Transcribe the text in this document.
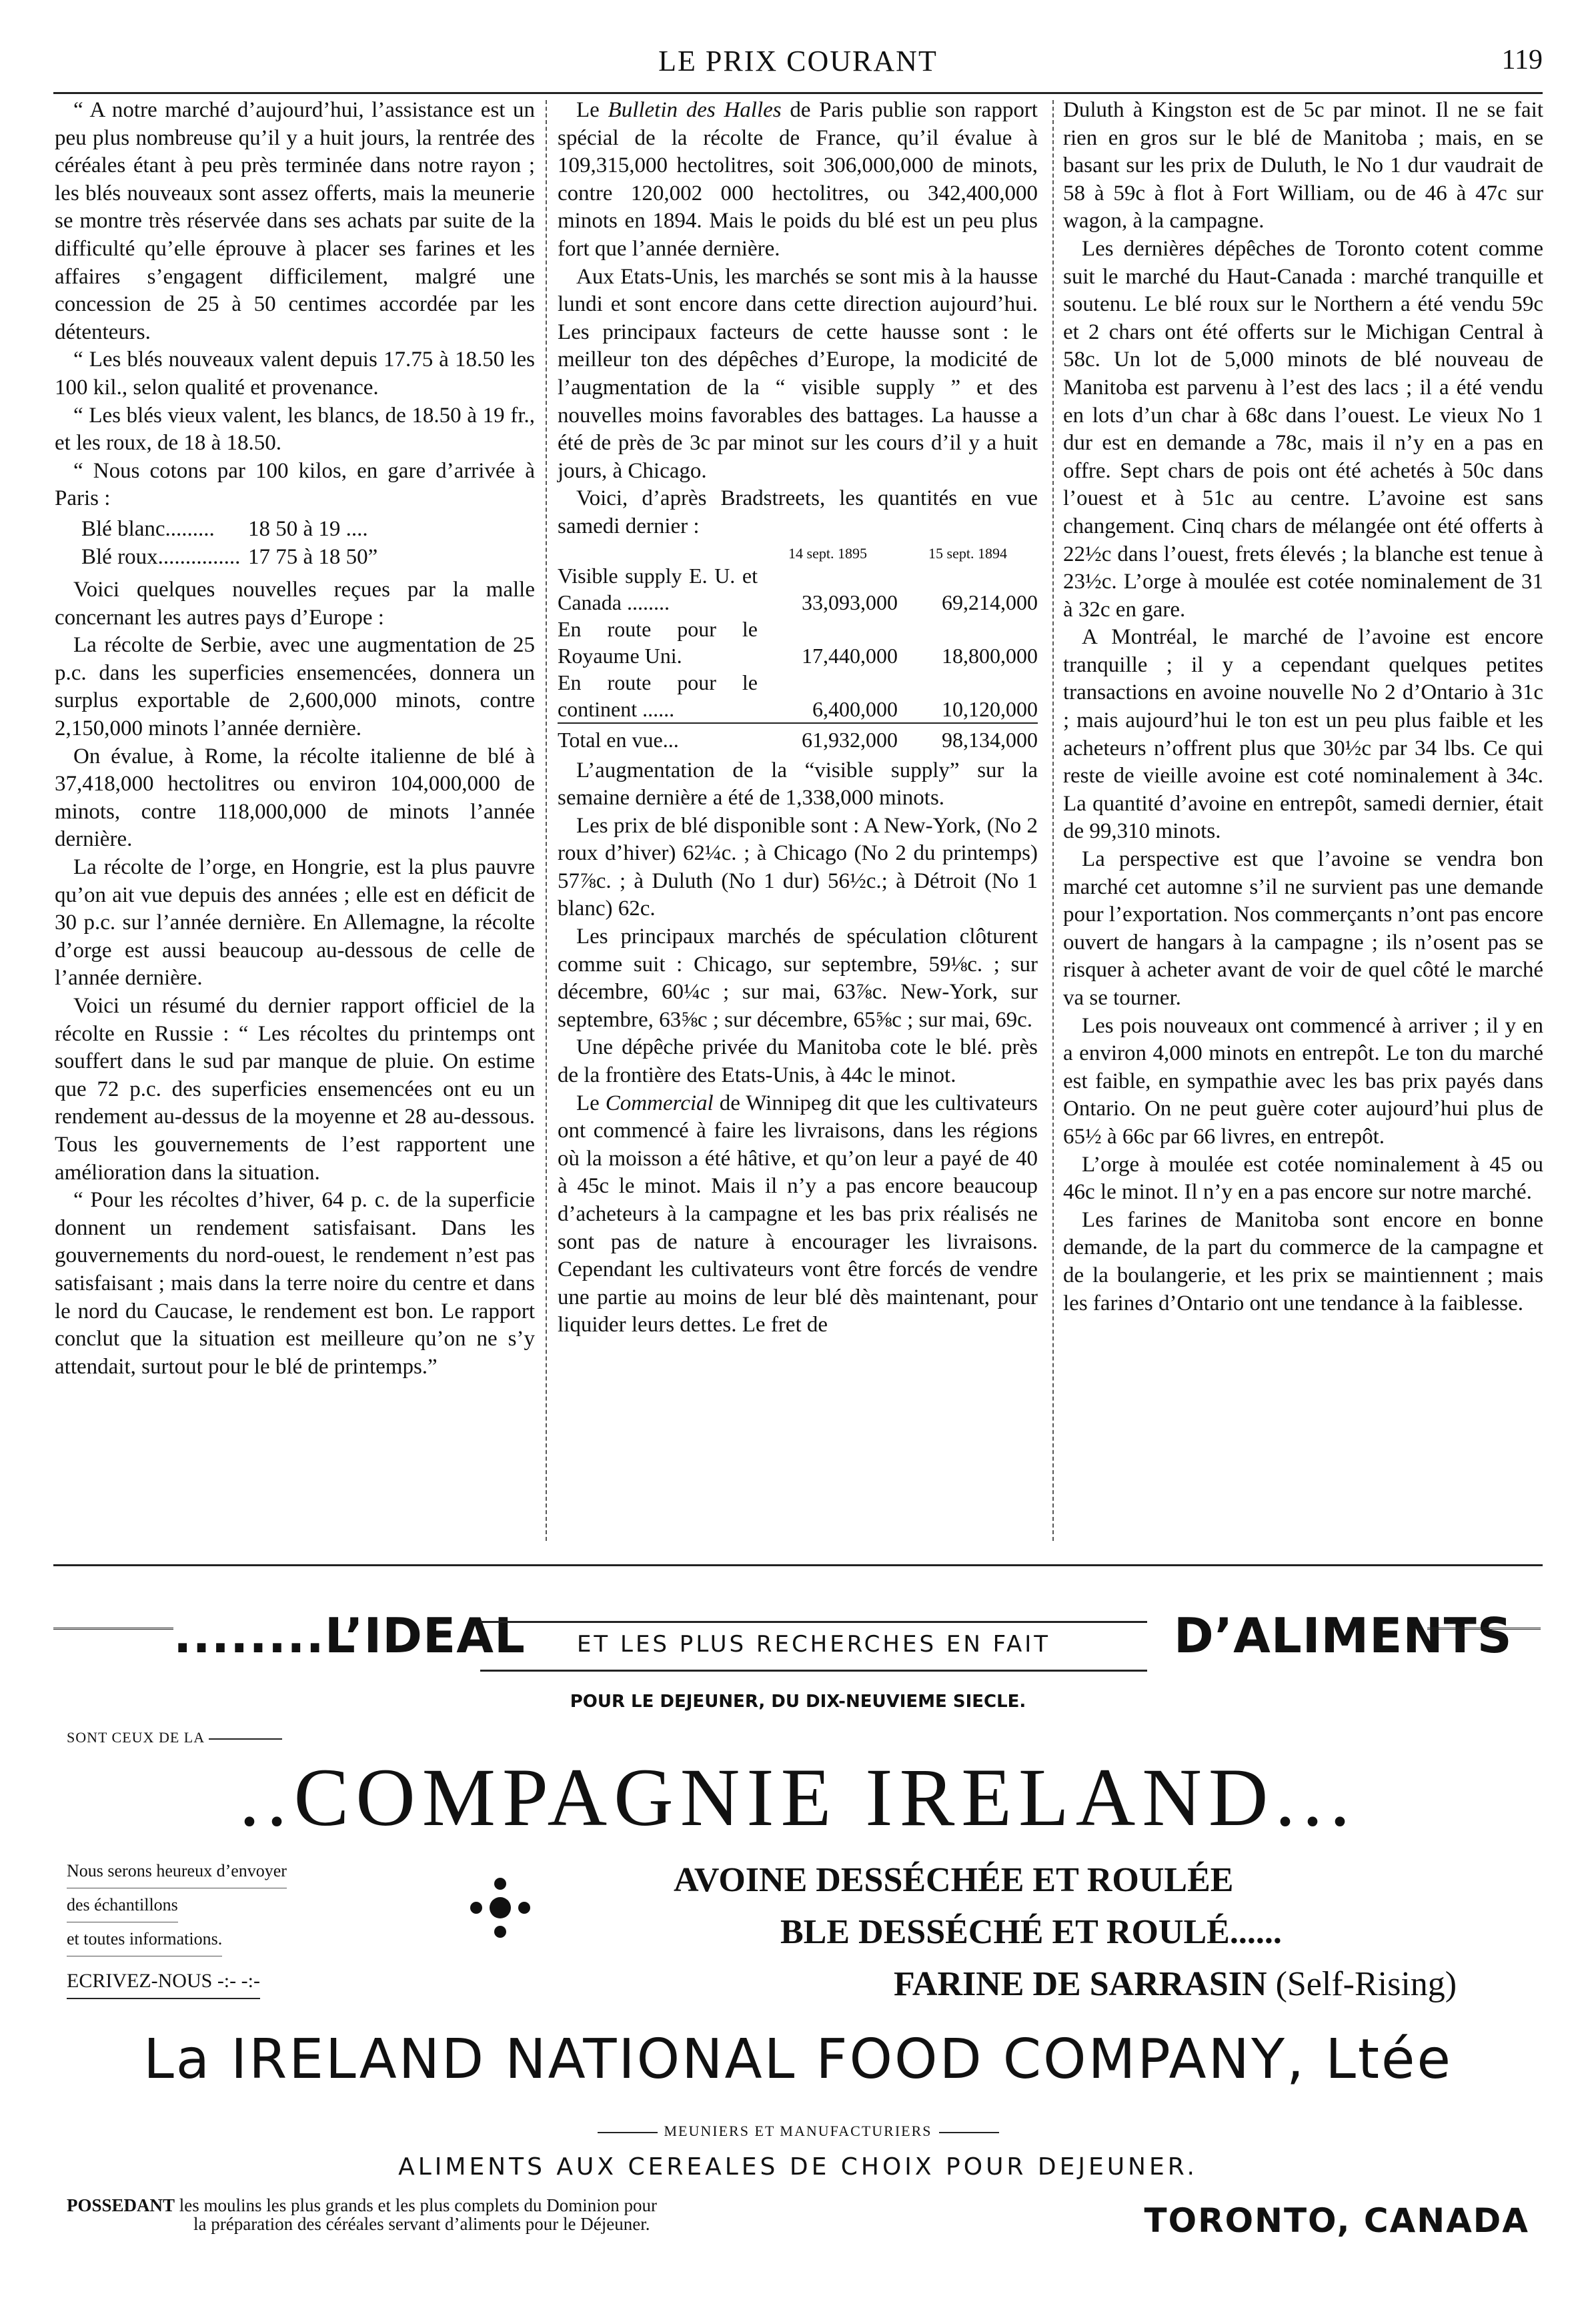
LE PRIX COURANT	119

“ A notre marché d’aujourd’hui, l’assistance est un peu plus nombreuse qu’il y a huit jours, la rentrée des céréales étant à peu près terminée dans notre rayon ; les blés nouveaux sont assez offerts, mais la meunerie se montre très réservée dans ses achats par suite de la difficulté qu’elle éprouve à placer ses farines et les affaires s’engagent difficilement, malgré une concession de 25 à 50 centimes accordée par les détenteurs.

“ Les blés nouveaux valent depuis 17.75 à 18.50 les 100 kil., selon qualité et provenance.

“ Les blés vieux valent, les blancs, de 18.50 à 19 fr., et les roux, de 18 à 18.50.

“ Nous cotons par 100 kilos, en gare d’arrivée à Paris :

Blé blanc.........	18 50 à 19 ....
Blé roux............... 17 75 à 18 50”

Voici quelques nouvelles reçues par la malle concernant les autres pays d’Europe :

La récolte de Serbie, avec une augmentation de 25 p.c. dans les superficies ensemencées, donnera un surplus exportable de 2,600,000 minots, contre 2,150,000 minots l’année dernière.

On évalue, à Rome, la récolte italienne de blé à 37,418,000 hectolitres ou environ 104,000,000 de minots, contre 118,000,000 de minots l’année dernière.

La récolte de l’orge, en Hongrie, est la plus pauvre qu’on ait vue depuis des années ; elle est en déficit de 30 p.c. sur l’année dernière. En Allemagne, la récolte d’orge est aussi beaucoup au-dessous de celle de l’année dernière.

Voici un résumé du dernier rapport officiel de la récolte en Russie : “ Les récoltes du printemps ont souffert dans le sud par manque de pluie. On estime que 72 p.c. des superficies ensemencées ont eu un rendement au-dessus de la moyenne et 28 au-dessous. Tous les gouvernements de l’est rapportent une amélioration dans la situation.

“ Pour les récoltes d’hiver, 64 p. c. de la superficie donnent un rendement satisfaisant. Dans les gouvernements du nord-ouest, le rendement n’est pas satisfaisant ; mais dans la terre noire du centre et dans le nord du Caucase, le rendement est bon. Le rapport conclut que la situation est meilleure qu’on ne s’y attendait, surtout pour le blé de printemps.”

Le Bulletin des Halles de Paris publie son rapport spécial de la récolte de France, qu’il évalue à 109,315,000 hectolitres, soit 306,000,000 de minots, contre 120,002 000 hectolitres, ou 342,400,000 minots en 1894. Mais le poids du blé est un peu plus fort que l’année dernière.

Aux Etats-Unis, les marchés se sont mis à la hausse lundi et sont encore dans cette direction aujourd’hui. Les principaux facteurs de cette hausse sont : le meilleur ton des dépêches d’Europe, la modicité de l’augmentation de la “ visible supply ” et des nouvelles moins favorables des battages. La hausse a été de près de 3c par minot sur les cours d’il y a huit jours, à Chicago.

Voici, d’après Bradstreets, les quantités en vue samedi dernier :

	14 sept. 1895	15 sept. 1894
Visible supply E. U. et Canada ........	33,093,000	69,214,000
En route pour le Royaume Uni.	17,440,000	18,800,000
En route pour le continent ......	6,400,000	10,120,000
Total en vue...	61,932,000	98,134,000

L’augmentation de la “visible supply” sur la semaine dernière a été de 1,338,000 minots.

Les prix de blé disponible sont : A New-York, (No 2 roux d’hiver) 62¼c. ; à Chicago (No 2 du printemps) 57⅞c. ; à Duluth (No 1 dur) 56½c.; à Détroit (No 1 blanc) 62c.

Les principaux marchés de spéculation clôturent comme suit : Chicago, sur septembre, 59⅛c. ; sur décembre, 60¼c ; sur mai, 63⅞c. New-York, sur septembre, 63⅝c ; sur décembre, 65⅝c ; sur mai, 69c.

Une dépêche privée du Manitoba cote le blé. près de la frontière des Etats-Unis, à 44c le minot.

Le Commercial de Winnipeg dit que les cultivateurs ont commencé à faire les livraisons, dans les régions où la moisson a été hâtive, et qu’on leur a payé de 40 à 45c le minot. Mais il n’y a pas encore beaucoup d’acheteurs à la campagne et les bas prix réalisés ne sont pas de nature à encourager les livraisons. Cependant les cultivateurs vont être forcés de vendre une partie au moins de leur blé dès maintenant, pour liquider leurs dettes. Le fret de

Duluth à Kingston est de 5c par minot. Il ne se fait rien en gros sur le blé de Manitoba ; mais, en se basant sur les prix de Duluth, le No 1 dur vaudrait de 58 à 59c à flot à Fort William, ou de 46 à 47c sur wagon, à la campagne.

Les dernières dépêches de Toronto cotent comme suit le marché du Haut-Canada : marché tranquille et soutenu. Le blé roux sur le Northern a été vendu 59c et 2 chars ont été offerts sur le Michigan Central à 58c. Un lot de 5,000 minots de blé nouveau de Manitoba est parvenu à l’est des lacs ; il a été vendu en lots d’un char à 68c dans l’ouest. Le vieux No 1 dur est en demande a 78c, mais il n’y en a pas en offre. Sept chars de pois ont été achetés à 50c dans l’ouest et à 51c au centre. L’avoine est sans changement. Cinq chars de mélangée ont été offerts à 22½c dans l’ouest, frets élevés ; la blanche est tenue à 23½c. L’orge à moulée est cotée nominalement de 31 à 32c en gare.

A Montréal, le marché de l’avoine est encore tranquille ; il y a cependant quelques petites transactions en avoine nouvelle No 2 d’Ontario à 31c ; mais aujourd’hui le ton est un peu plus faible et les acheteurs n’offrent plus que 30½c par 34 lbs. Ce qui reste de vieille avoine est coté nominalement à 34c. La quantité d’avoine en entrepôt, samedi dernier, était de 99,310 minots.

La perspective est que l’avoine se vendra bon marché cet automne s’il ne survient pas une demande pour l’exportation. Nos commerçants n’ont pas encore ouvert de hangars à la campagne ; ils n’osent pas se risquer à acheter avant de voir de quel côté le marché va se tourner.

Les pois nouveaux ont commencé à arriver ; il y en a environ 4,000 minots en entrepôt. Le ton du marché est faible, en sympathie avec les bas prix payés dans Ontario. On ne peut guère coter aujourd’hui plus de 65½ à 66c par 66 livres, en entrepôt.

L’orge à moulée est cotée nominalement à 45 ou 46c le minot. Il n’y en a pas encore sur notre marché.

Les farines de Manitoba sont encore en bonne demande, de la part du commerce de la campagne et de la boulangerie, et les prix se maintiennent ; mais les farines d’Ontario ont une tendance à la faiblesse.

........L’IDEAL	ET LES PLUS RECHERCHES EN FAIT	D’ALIMENTS
POUR LE DEJEUNER, DU DIX-NEUVIEME SIECLE.
SONT CEUX DE LA
..COMPAGNIE IRELAND...
Nous serons heureux d’envoyer
des échantillons
et toutes informations.
ECRIVEZ-NOUS -:- -:-
AVOINE DESSÉCHÉE ET ROULÉE
BLE DESSÉCHÉ ET ROULÉ......
FARINE DE SARRASIN (Self-Rising)
La IRELAND NATIONAL FOOD COMPANY, Ltée
MEUNIERS ET MANUFACTURIERS
ALIMENTS AUX CEREALES DE CHOIX POUR DEJEUNER.
POSSEDANT les moulins les plus grands et les plus complets du Dominion pour
la préparation des céréales servant d’aliments pour le Déjeuner.	TORONTO, CANADA
